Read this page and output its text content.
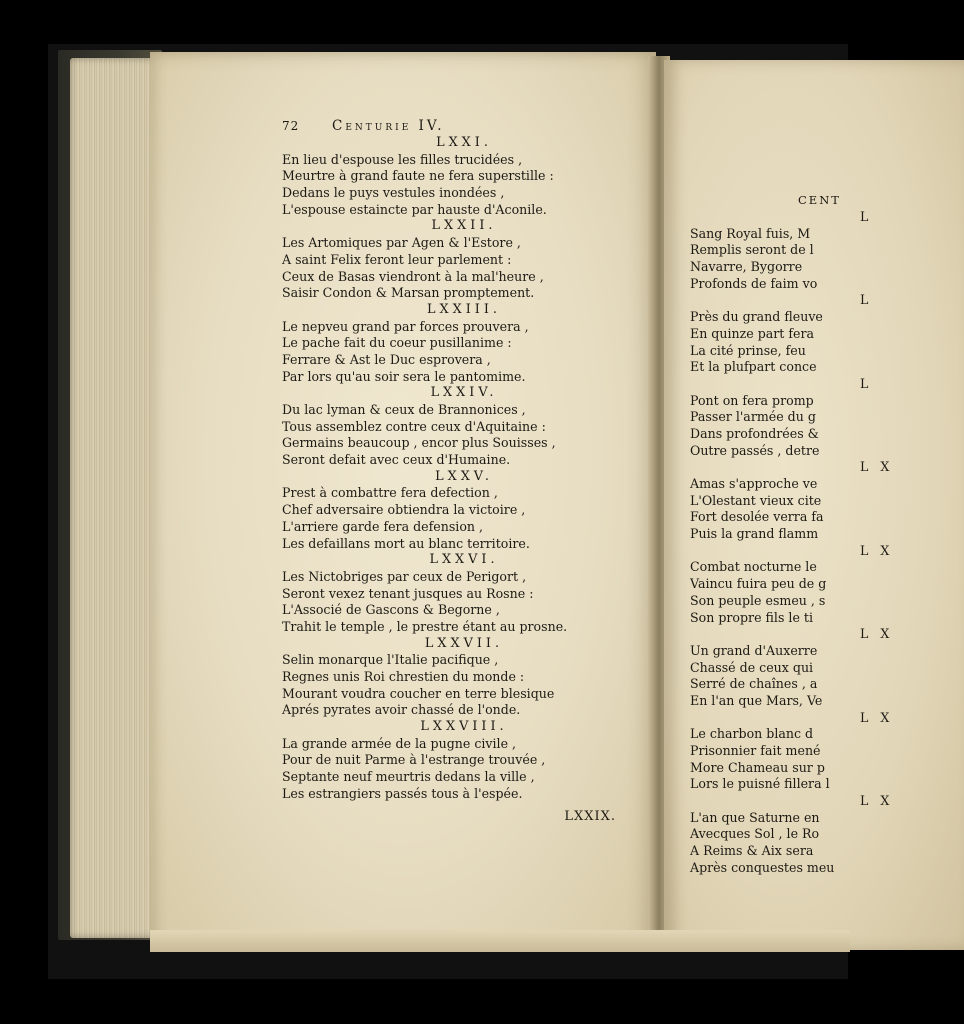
72	Centurie IV.
LXXI.
En lieu d'espouse les filles trucidées ,
Meurtre à grand faute ne fera superstille :
Dedans le puys vestules inondées ,
L'espouse estaincte par hauste d'Aconile.
LXXII.
Les Artomiques par Agen & l'Estore ,
A saint Felix feront leur parlement :
Ceux de Basas viendront à la mal'heure ,
Saisir Condon & Marsan promptement.
LXXIII.
Le nepveu grand par forces prouvera ,
Le pache fait du coeur pusillanime :
Ferrare & Ast le Duc esprovera ,
Par lors qu'au soir sera le pantomime.
LXXIV.
Du lac lyman & ceux de Brannonices ,
Tous assemblez contre ceux d'Aquitaine :
Germains beaucoup , encor plus Souisses ,
Seront defait avec ceux d'Humaine.
LXXV.
Prest à combattre fera defection ,
Chef adversaire obtiendra la victoire ,
L'arriere garde fera defension ,
Les defaillans mort au blanc territoire.
LXXVI.
Les Nictobriges par ceux de Perigort ,
Seront vexez tenant jusques au Rosne :
L'Associé de Gascons & Begorne ,
Trahit le temple , le prestre étant au prosne.
LXXVII.
Selin monarque l'Italie pacifique ,
Regnes unis Roi chrestien du monde :
Mourant voudra coucher en terre blesique
Aprés pyrates avoir chassé de l'onde.
LXXVIII.
La grande armée de la pugne civile ,
Pour de nuit Parme à l'estrange trouvée ,
Septante neuf meurtris dedans la ville ,
Les estrangiers passés tous à l'espée.
LXXIX.
CENT
L
Sang Royal fuis, M
Remplis seront de l
Navarre, Bygorre
Profonds de faim vo
L
Près du grand fleuve
En quinze part fera
La cité prinse, feu
Et la plufpart conce
L
Pont on fera promp
Passer l'armée du g
Dans profondrées &
Outre passés , detre
L X
Amas s'approche ve
L'Olestant vieux cite
Fort desolée verra fa
Puis la grand flamm
L X
Combat nocturne le
Vaincu fuira peu de g
Son peuple esmeu , s
Son propre fils le ti
L X
Un grand d'Auxerre
Chassé de ceux qui
Serré de chaînes , a
En l'an que Mars, Ve
L X
Le charbon blanc d
Prisonnier fait mené
More Chameau sur p
Lors le puisné fillera l
L X
L'an que Saturne en
Avecques Sol , le Ro
A Reims & Aix sera
Après conquestes meu
